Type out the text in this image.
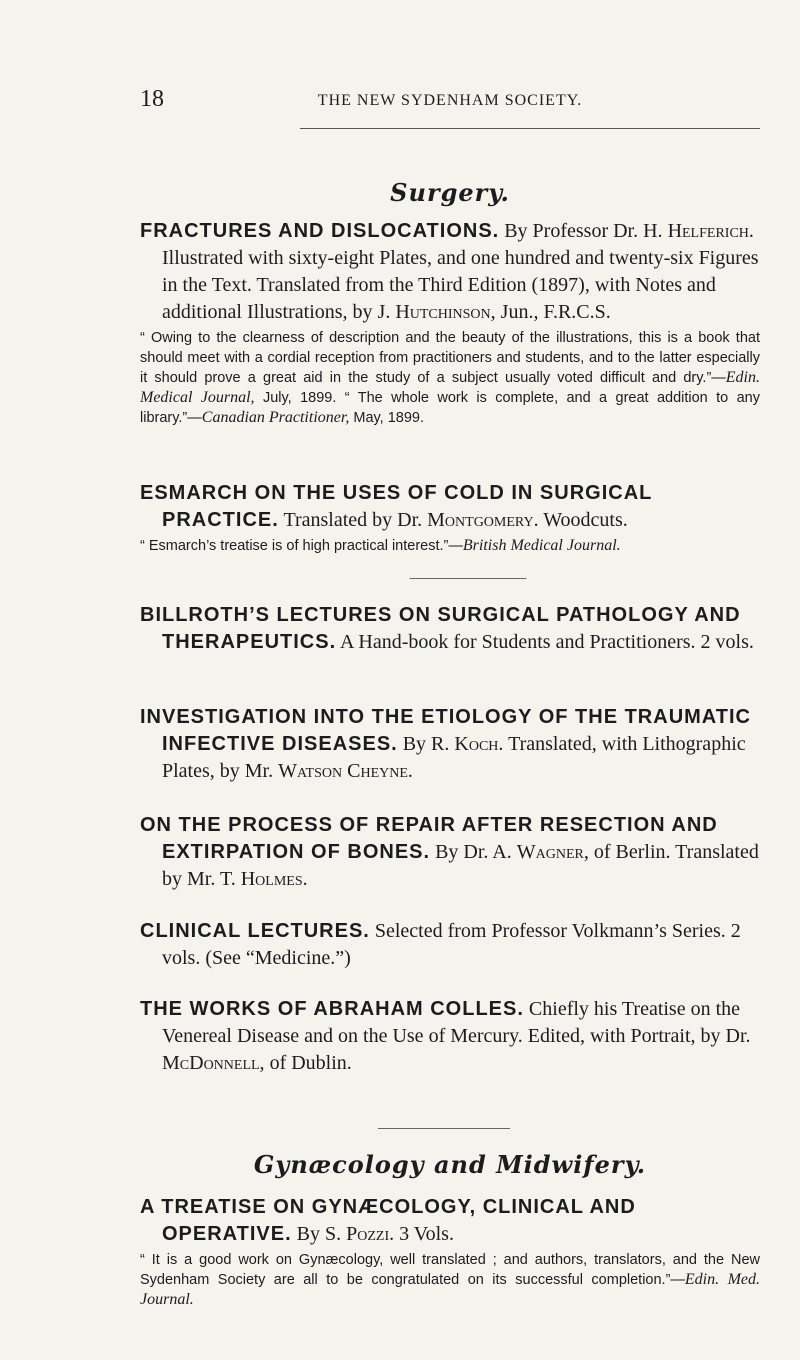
18	THE NEW SYDENHAM SOCIETY.
Surgery.

FRACTURES AND DISLOCATIONS. By Professor Dr. H. Helferich. Illustrated with sixty-eight Plates, and one hundred and twenty-six Figures in the Text. Translated from the Third Edition (1897), with Notes and additional Illustrations, by J. Hutchinson, Jun., F.R.C.S.

“ Owing to the clearness of description and the beauty of the illustrations, this is a book that should meet with a cordial reception from practitioners and students, and to the latter especially it should prove a great aid in the study of a subject usually voted difficult and dry.”—Edin. Medical Journal, July, 1899. “ The whole work is complete, and a great addition to any library.”—Canadian Practitioner, May, 1899.

ESMARCH ON THE USES OF COLD IN SURGICAL PRACTICE. Translated by Dr. Montgomery. Woodcuts.

“ Esmarch’s treatise is of high practical interest.”—British Medical Journal.

BILLROTH’S LECTURES ON SURGICAL PATHOLOGY AND THERAPEUTICS. A Hand-book for Students and Practitioners. 2 vols.

INVESTIGATION INTO THE ETIOLOGY OF THE TRAUMATIC INFECTIVE DISEASES. By R. Koch. Translated, with Lithographic Plates, by Mr. Watson Cheyne.

ON THE PROCESS OF REPAIR AFTER RESECTION AND EXTIRPATION OF BONES. By Dr. A. Wagner, of Berlin. Translated by Mr. T. Holmes.

CLINICAL LECTURES. Selected from Professor Volkmann’s Series. 2 vols. (See “Medicine.”)

THE WORKS OF ABRAHAM COLLES. Chiefly his Treatise on the Venereal Disease and on the Use of Mercury. Edited, with Portrait, by Dr. McDonnell, of Dublin.

Gynæcology and Midwifery.

A TREATISE ON GYNÆCOLOGY, CLINICAL AND OPERATIVE. By S. Pozzi. 3 Vols.

“ It is a good work on Gynæcology, well translated ; and authors, translators, and the New Sydenham Society are all to be congratulated on its successful completion.”—Edin. Med. Journal.
